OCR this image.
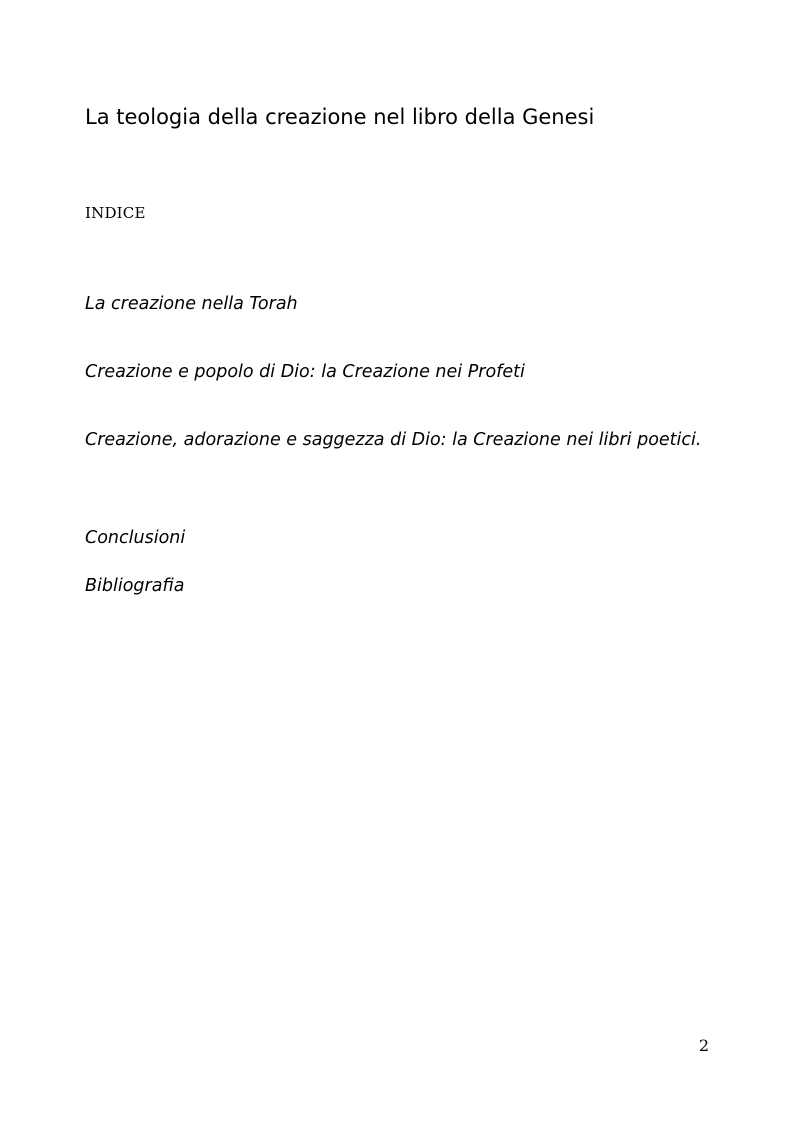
La teologia della creazione nel libro della Genesi
INDICE

La creazione nella Torah

Creazione e popolo di Dio: la Creazione nei Profeti

Creazione, adorazione e saggezza di Dio: la Creazione nei libri poetici.

Conclusioni

Bibliografia

2
